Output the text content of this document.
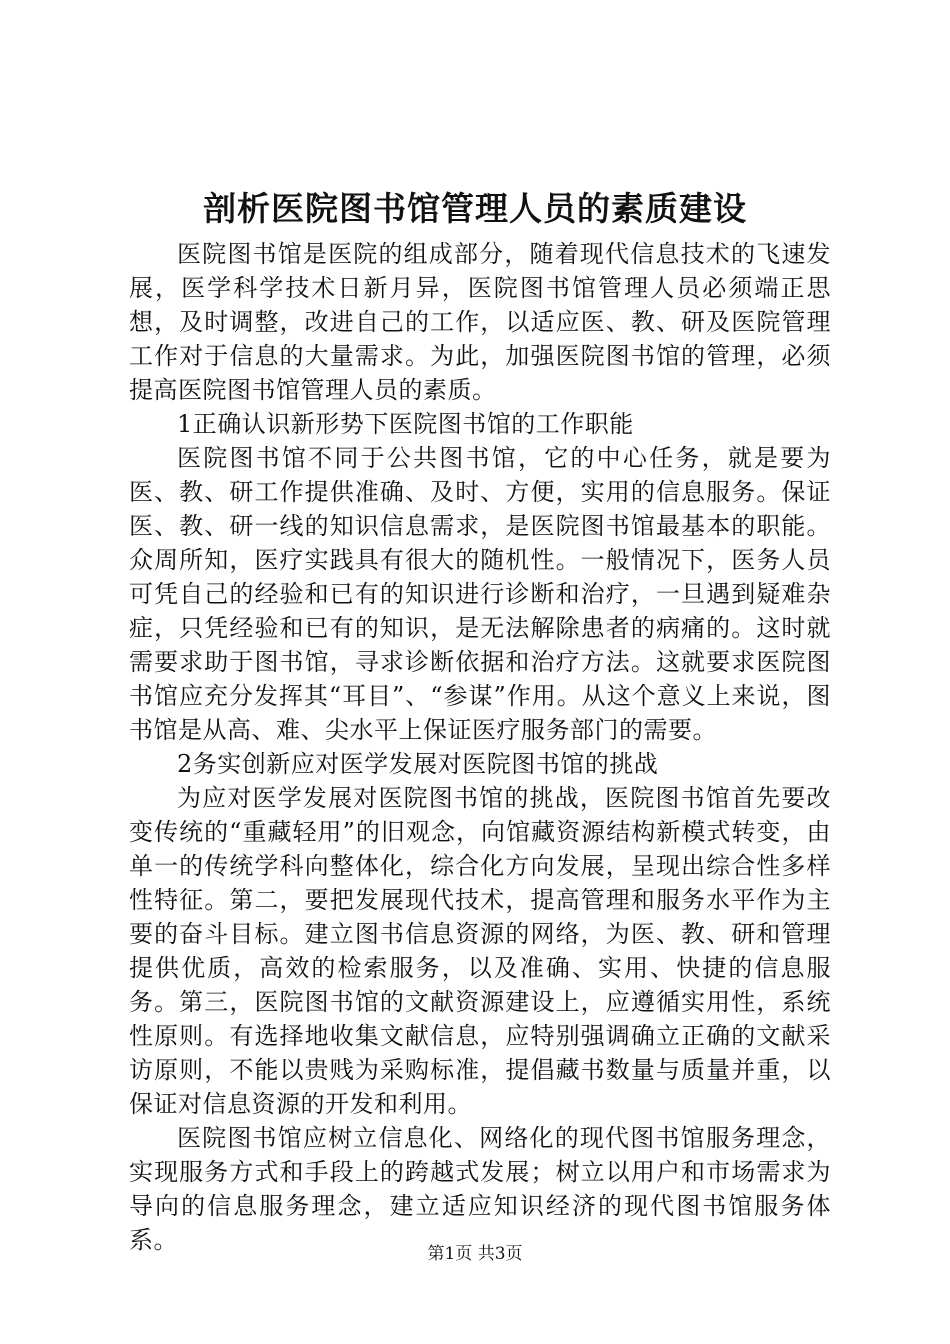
剖析医院图书馆管理人员的素质建设

医院图书馆是医院的组成部分，随着现代信息技术的飞速发展，医学科学技术日新月异，医院图书馆管理人员必须端正思想，及时调整，改进自己的工作，以适应医、教、研及医院管理工作对于信息的大量需求。为此，加强医院图书馆的管理，必须提高医院图书馆管理人员的素质。

1正确认识新形势下医院图书馆的工作职能

医院图书馆不同于公共图书馆，它的中心任务，就是要为医、教、研工作提供准确、及时、方便，实用的信息服务。保证医、教、研一线的知识信息需求，是医院图书馆最基本的职能。众周所知，医疗实践具有很大的随机性。一般情况下，医务人员可凭自己的经验和已有的知识进行诊断和治疗，一旦遇到疑难杂症，只凭经验和已有的知识，是无法解除患者的病痛的。这时就需要求助于图书馆，寻求诊断依据和治疗方法。这就要求医院图书馆应充分发挥其“耳目”、“参谋”作用。从这个意义上来说，图书馆是从高、难、尖水平上保证医疗服务部门的需要。

2务实创新应对医学发展对医院图书馆的挑战

为应对医学发展对医院图书馆的挑战，医院图书馆首先要改变传统的“重藏轻用”的旧观念，向馆藏资源结构新模式转变，由单一的传统学科向整体化，综合化方向发展，呈现出综合性多样性特征。第二，要把发展现代技术，提高管理和服务水平作为主要的奋斗目标。建立图书信息资源的网络，为医、教、研和管理提供优质，高效的检索服务，以及准确、实用、快捷的信息服务。第三，医院图书馆的文献资源建设上，应遵循实用性，系统性原则。有选择地收集文献信息，应特别强调确立正确的文献采访原则，不能以贵贱为采购标准，提倡藏书数量与质量并重，以保证对信息资源的开发和利用。

医院图书馆应树立信息化、网络化的现代图书馆服务理念，实现服务方式和手段上的跨越式发展；树立以用户和市场需求为导向的信息服务理念，建立适应知识经济的现代图书馆服务体系。	第1页 共3页
